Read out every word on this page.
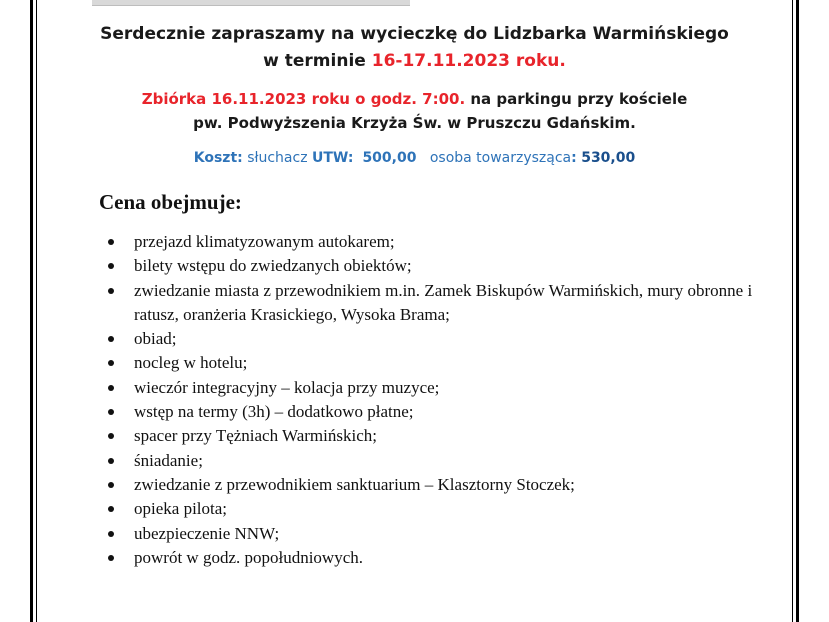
Serdecznie zapraszamy na wycieczkę do Lidzbarka Warmińskiego
w terminie 16-17.11.2023 roku.
Zbiórka 16.11.2023 roku o godz. 7:00. na parkingu przy kościele
pw. Podwyższenia Krzyża Św. w Pruszczu Gdańskim.
Koszt: słuchacz UTW: 500,00 osoba towarzysząca: 530,00
Cena obejmuje:
przejazd klimatyzowanym autokarem;
bilety wstępu do zwiedzanych obiektów;
zwiedzanie miasta z przewodnikiem m.in. Zamek Biskupów Warmińskich, mury obronne i ratusz, oranżeria Krasickiego, Wysoka Brama;
obiad;
nocleg w hotelu;
wieczór integracyjny – kolacja przy muzyce;
wstęp na termy (3h) – dodatkowo płatne;
spacer przy Tężniach Warmińskich;
śniadanie;
zwiedzanie z przewodnikiem sanktuarium – Klasztorny Stoczek;
opieka pilota;
ubezpieczenie NNW;
powrót w godz. popołudniowych.
